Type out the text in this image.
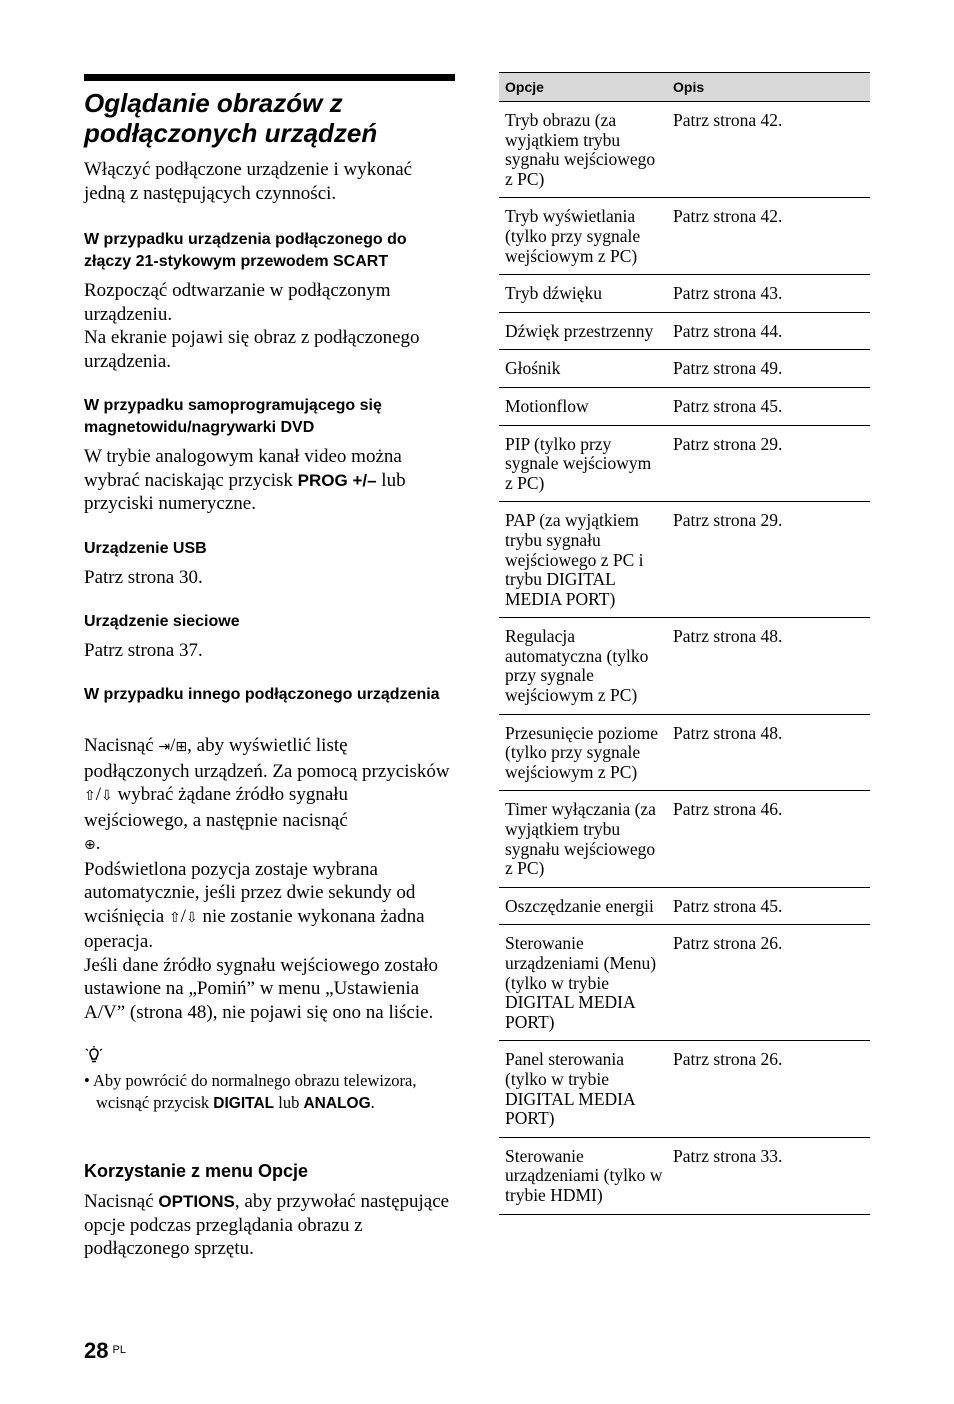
Oglądanie obrazów z
podłączonych urządzeń

Włączyć podłączone urządzenie i wykonać jedną z następujących czynności.

W przypadku urządzenia podłączonego do złączy 21-stykowym przewodem SCART

Rozpocząć odtwarzanie w podłączonym urządzeniu.

Na ekranie pojawi się obraz z podłączonego urządzenia.

W przypadku samoprogramującego się magnetowidu/nagrywarki DVD

W trybie analogowym kanał video można wybrać naciskając przycisk PROG +/– lub przyciski numeryczne.

Urządzenie USB

Patrz strona 30.

Urządzenie sieciowe

Patrz strona 37.

W przypadku innego podłączonego urządzenia

Nacisnąć ⇥/⊞, aby wyświetlić listę podłączonych urządzeń. Za pomocą przycisków ⇧/⇩ wybrać żądane źródło sygnału wejściowego, a następnie nacisnąć
⊕.

Podświetlona pozycja zostaje wybrana automatycznie, jeśli przez dwie sekundy od wciśnięcia ⇧/⇩ nie zostanie wykonana żadna operacja.

Jeśli dane źródło sygnału wejściowego zostało ustawione na „Pomiń” w menu „Ustawienia A/V” (strona 48), nie pojawi się ono na liście.

• Aby powrócić do normalnego obrazu telewizora, wcisnąć przycisk DIGITAL lub ANALOG.

Korzystanie z menu Opcje

Nacisnąć OPTIONS, aby przywołać następujące opcje podczas przeglądania obrazu z podłączonego sprzętu.

Opcje	Opis
Tryb obrazu (za wyjątkiem trybu sygnału wejściowego z PC)	Patrz strona 42.
Tryb wyświetlania (tylko przy sygnale wejściowym z PC)	Patrz strona 42.
Tryb dźwięku	Patrz strona 43.
Dźwięk przestrzenny	Patrz strona 44.
Głośnik	Patrz strona 49.
Motionflow	Patrz strona 45.
PIP (tylko przy sygnale wejściowym z PC)	Patrz strona 29.
PAP (za wyjątkiem trybu sygnału wejściowego z PC i trybu DIGITAL MEDIA PORT)	Patrz strona 29.
Regulacja automatyczna (tylko przy sygnale wejściowym z PC)	Patrz strona 48.
Przesunięcie poziome (tylko przy sygnale wejściowym z PC)	Patrz strona 48.
Timer wyłączania (za wyjątkiem trybu sygnału wejściowego z PC)	Patrz strona 46.
Oszczędzanie energii	Patrz strona 45.
Sterowanie urządzeniami (Menu) (tylko w trybie DIGITAL MEDIA PORT)	Patrz strona 26.
Panel sterowania (tylko w trybie DIGITAL MEDIA PORT)	Patrz strona 26.
Sterowanie urządzeniami (tylko w trybie HDMI)	Patrz strona 33.
28 $^{PL}$
